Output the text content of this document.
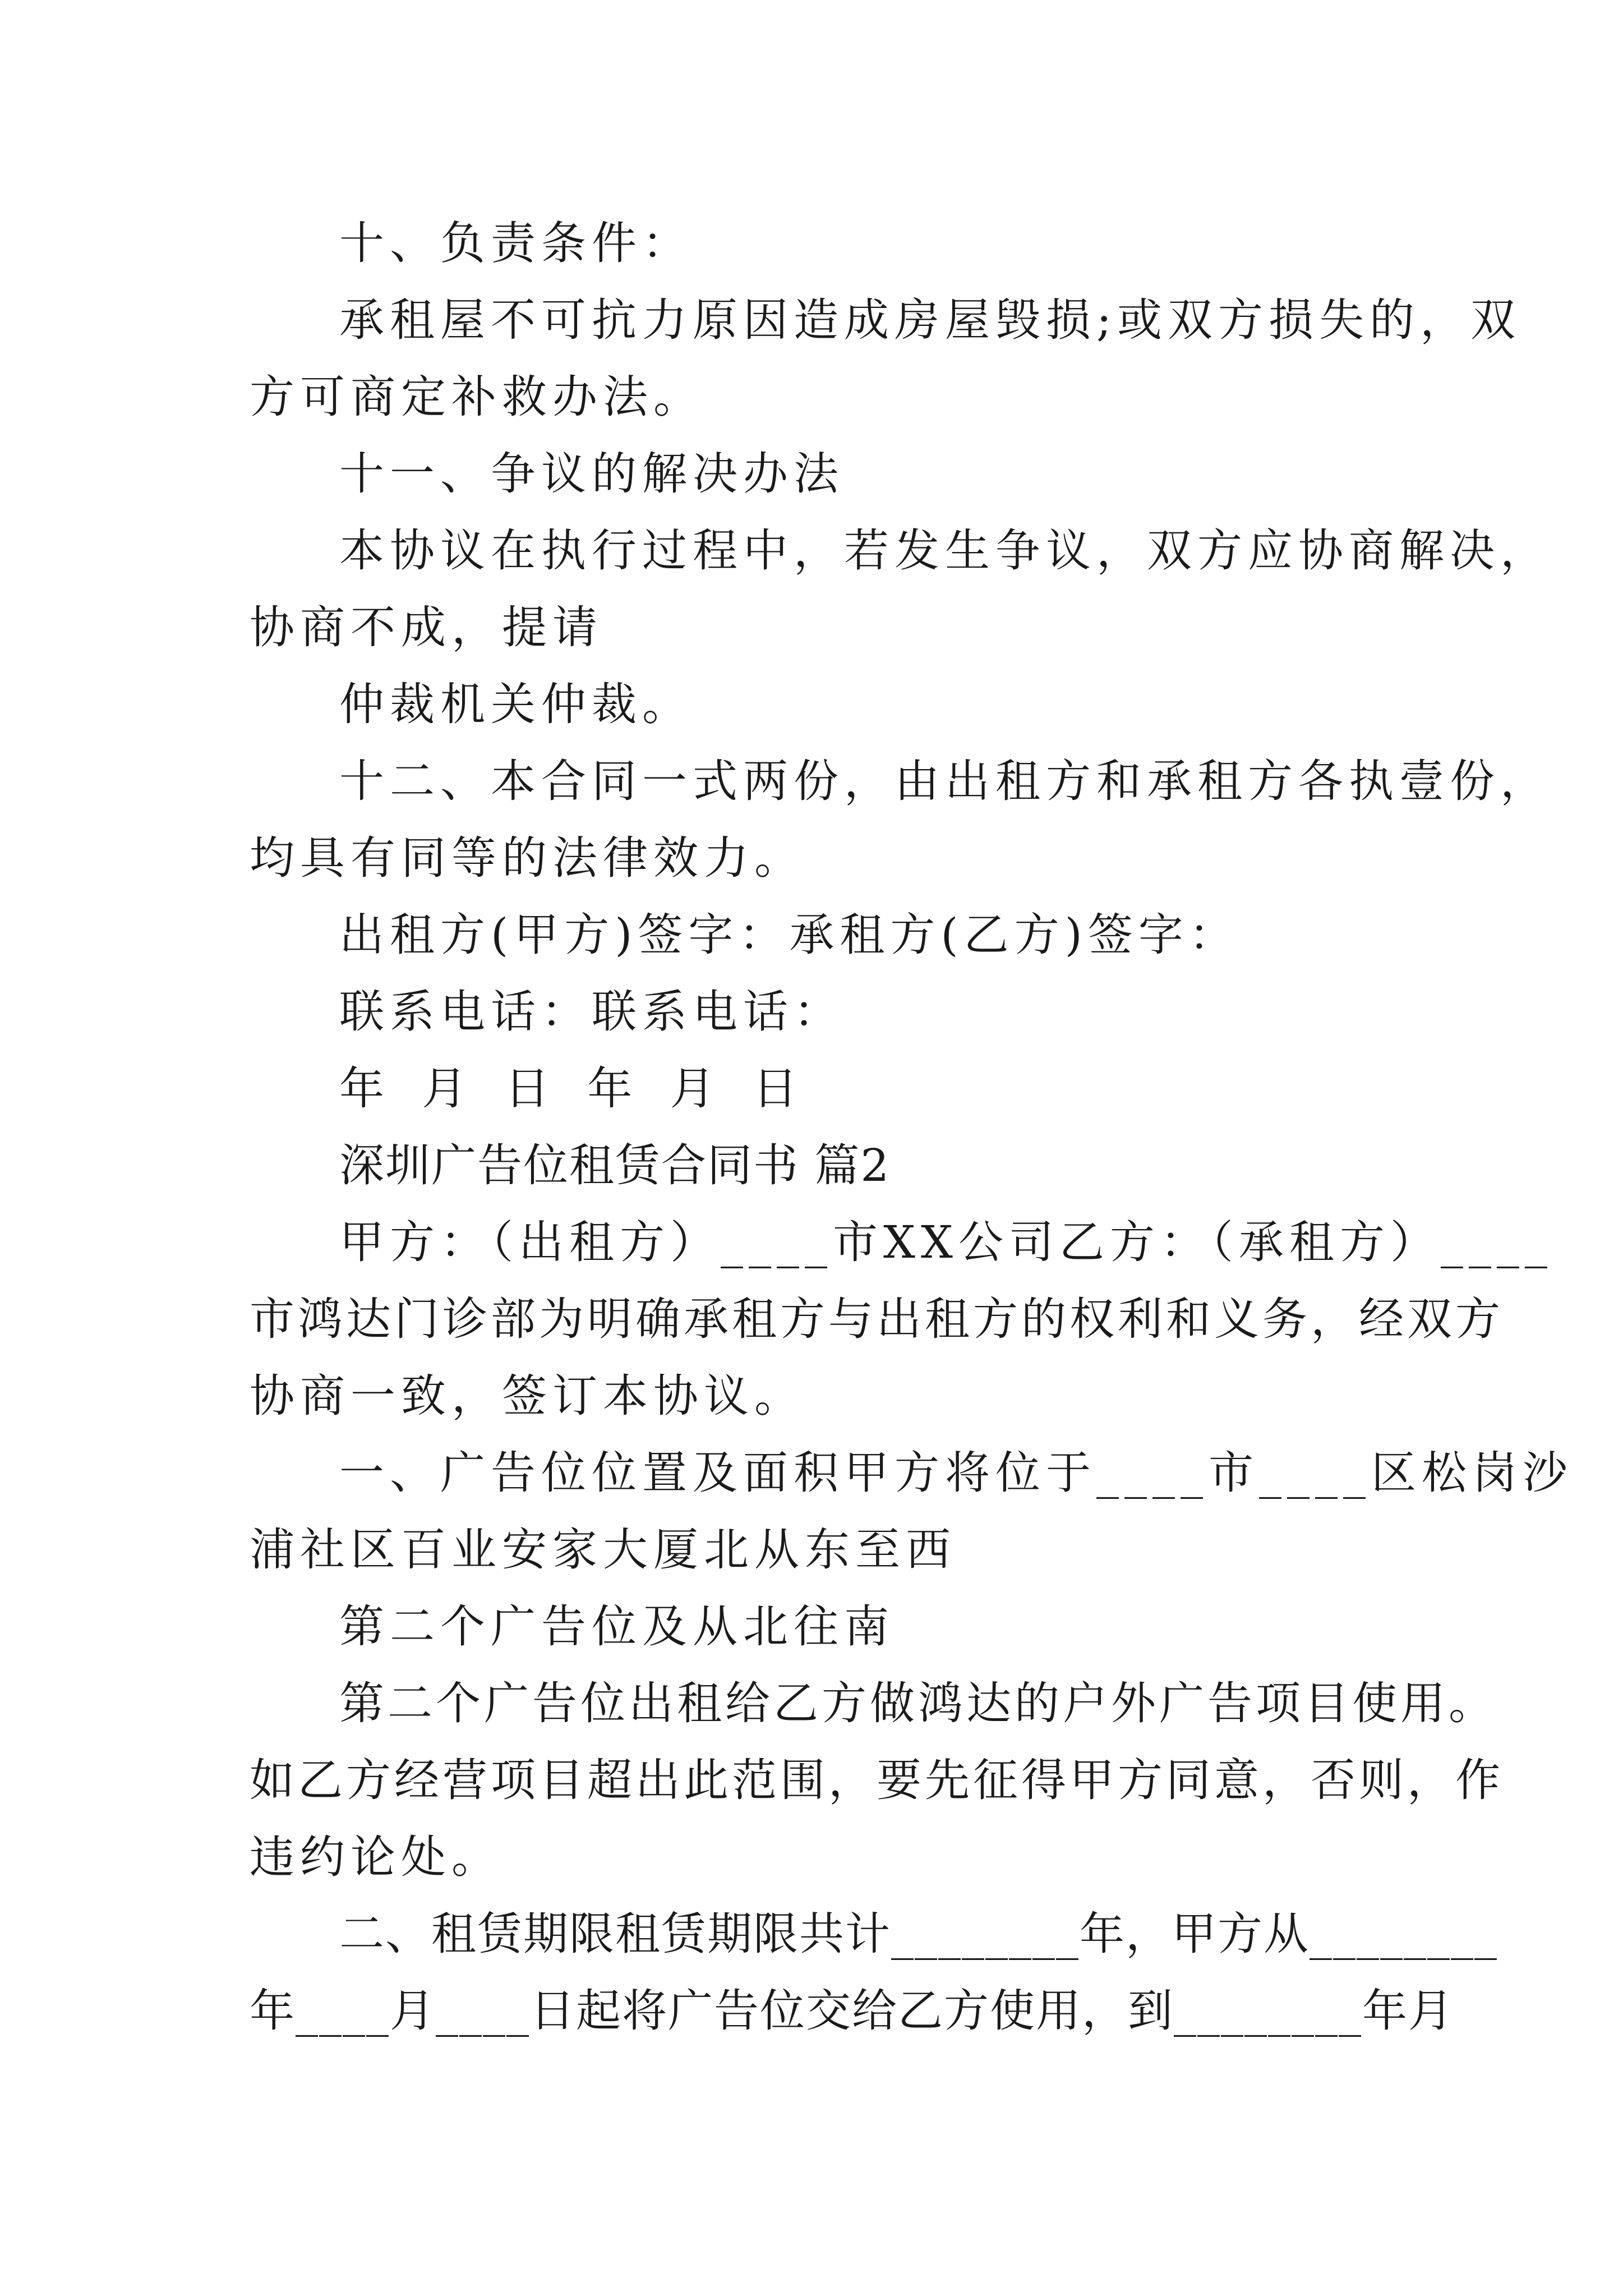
十、负责条件：
承租屋不可抗力原因造成房屋毁损;或双方损失的，双
方可商定补救办法。
十一、争议的解决办法
本协议在执行过程中，若发生争议，双方应协商解决，
协商不成，提请
仲裁机关仲裁。
十二、本合同一式两份，由出租方和承租方各执壹份，
均具有同等的法律效力。
出租方(甲方)签字：承租方(乙方)签字：
联系电话：联系电话：
年 月 日 年 月 日
深圳广告位租赁合同书 篇2
甲方：（出租方）____市XX公司乙方：（承租方）____
市鸿达门诊部为明确承租方与出租方的权利和义务，经双方
协商一致，签订本协议。
一、广告位位置及面积甲方将位于____市____区松岗沙
浦社区百业安家大厦北从东至西
第二个广告位及从北往南
第二个广告位出租给乙方做鸿达的户外广告项目使用。
如乙方经营项目超出此范围，要先征得甲方同意，否则，作
违约论处。
二、租赁期限租赁期限共计________年，甲方从________
年____月____日起将广告位交给乙方使用，到________年月
